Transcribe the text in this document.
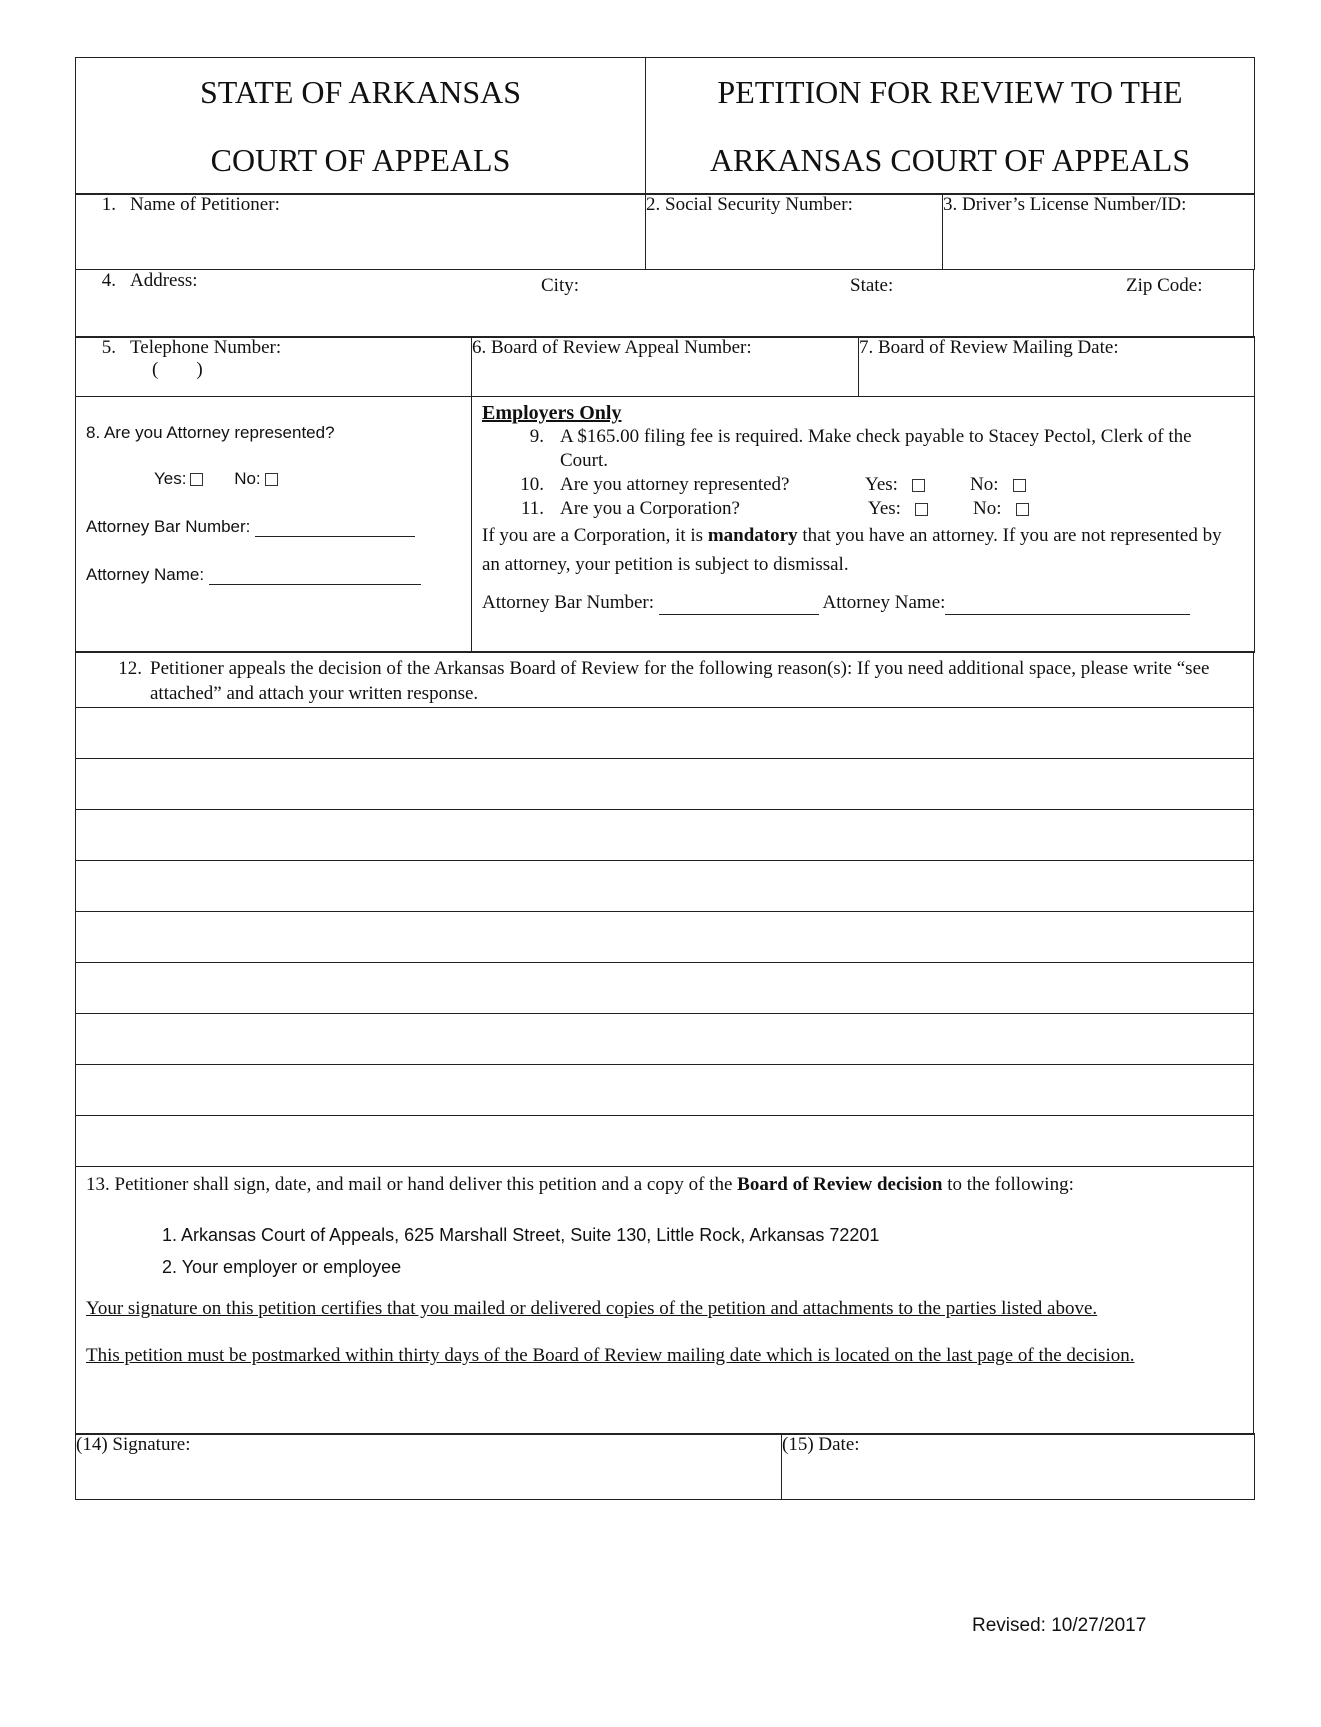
STATE OF ARKANSAS
COURT OF APPEALS

PETITION FOR REVIEW TO THE
ARKANSAS COURT OF APPEALS
1. Name of Petitioner:	2. Social Security Number:	3. Driver’s License Number/ID:
4. Address:	City:	State:	Zip Code:
5. Telephone Number:
(        )
	6. Board of Review Appeal Number:	7. Board of Review Mailing Date:
8. Are you Attorney represented?
Yes:	No:
Attorney Bar Number:
Attorney Name:

Employers Only
9. A $165.00 filing fee is required. Make check payable to Stacey Pectol, Clerk of the Court.
10. Are you attorney represented?	Yes:	No:
11. Are you a Corporation?	Yes:	No:
If you are a Corporation, it is mandatory that you have an attorney. If you are not represented by an attorney, your petition is subject to dismissal.
Attorney Bar Number:	Attorney Name:
12. Petitioner appeals the decision of the Arkansas Board of Review for the following reason(s): If you need additional space, please write “see attached” and attach your written response.
13. Petitioner shall sign, date, and mail or hand deliver this petition and a copy of the Board of Review decision to the following:
1. Arkansas Court of Appeals, 625 Marshall Street, Suite 130, Little Rock, Arkansas 72201
2. Your employer or employee
Your signature on this petition certifies that you mailed or delivered copies of the petition and attachments to the parties listed above.
This petition must be postmarked within thirty days of the Board of Review mailing date which is located on the last page of the decision.
(14) Signature:	(15) Date:
Revised: 10/27/2017
